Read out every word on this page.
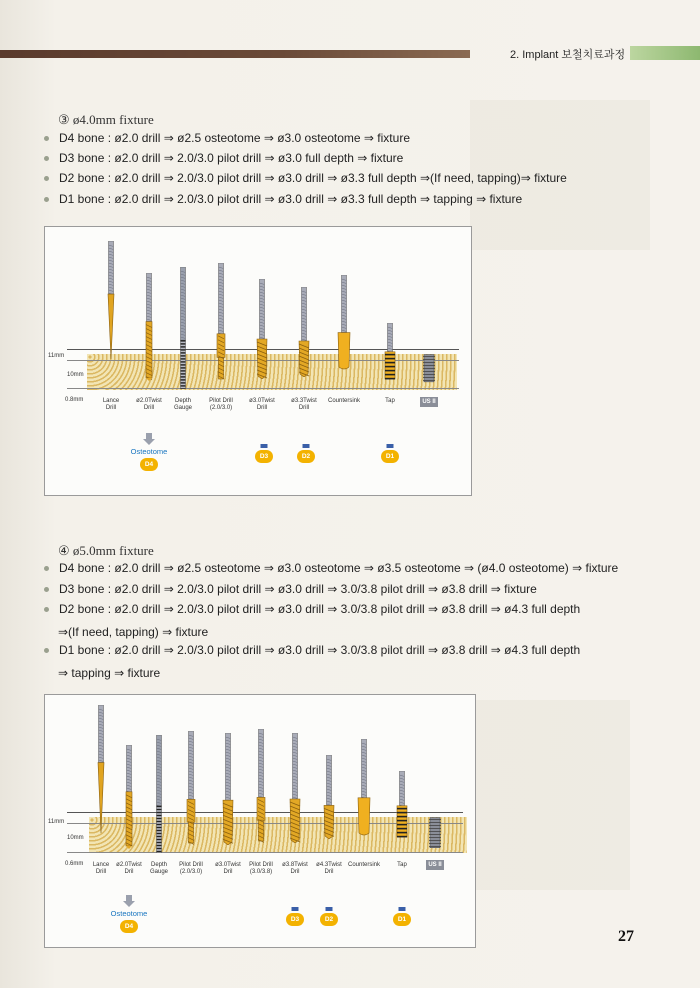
2. Implant 보철치료과정
③ ø4.0mm fixture
D4 bone : ø2.0 drill ⇒ ø2.5 osteotome ⇒ ø3.0 osteotome ⇒ fixture
D3 bone : ø2.0 drill ⇒ 2.0/3.0 pilot drill ⇒ ø3.0 full depth ⇒ fixture
D2 bone : ø2.0 drill ⇒ 2.0/3.0 pilot drill ⇒ ø3.0 drill ⇒ ø3.3 full depth ⇒(If need, tapping)⇒ fixture
D1 bone : ø2.0 drill ⇒ 2.0/3.0 pilot drill ⇒ ø3.0 drill ⇒ ø3.3 full depth ⇒ tapping ⇒ fixture
11mm
10mm
0.8mm	Lance
Drill
ø2.0Twist
Drill
Depth
Gauge
Pilot Drill
(2.0/3.0)
ø3.0Twist
Drill
ø3.3Twist
Drill
Countersink	Tap	US II
Osteotome
D4
D3	D2	D1
④ ø5.0mm fixture
D4 bone : ø2.0 drill ⇒ ø2.5 osteotome ⇒ ø3.0 osteotome ⇒ ø3.5 osteotome ⇒ (ø4.0 osteotome) ⇒ fixture
D3 bone : ø2.0 drill ⇒ 2.0/3.0 pilot drill ⇒ ø3.0 drill ⇒ 3.0/3.8 pilot drill ⇒ ø3.8 drill ⇒ fixture
D2 bone : ø2.0 drill ⇒ 2.0/3.0 pilot drill ⇒ ø3.0 drill ⇒ 3.0/3.8 pilot drill ⇒ ø3.8 drill ⇒ ø4.3 full depth
⇒(If need, tapping) ⇒ fixture
D1 bone : ø2.0 drill ⇒ 2.0/3.0 pilot drill ⇒ ø3.0 drill ⇒ 3.0/3.8 pilot drill ⇒ ø3.8 drill ⇒ ø4.3 full depth
⇒ tapping ⇒ fixture
11mm
10mm
0.6mm Lance
Drill
ø2.0Twist
Dril
Depth
Gauge
Pilot Drill
(2.0/3.0)
ø3.0Twist
Dril
Pilot Drill
(3.0/3.8)
ø3.8Twist
Dril
ø4.3Twist
Dril
Countersink	Tap	US II
Osteotome
D4
D3	D2	D1
27
